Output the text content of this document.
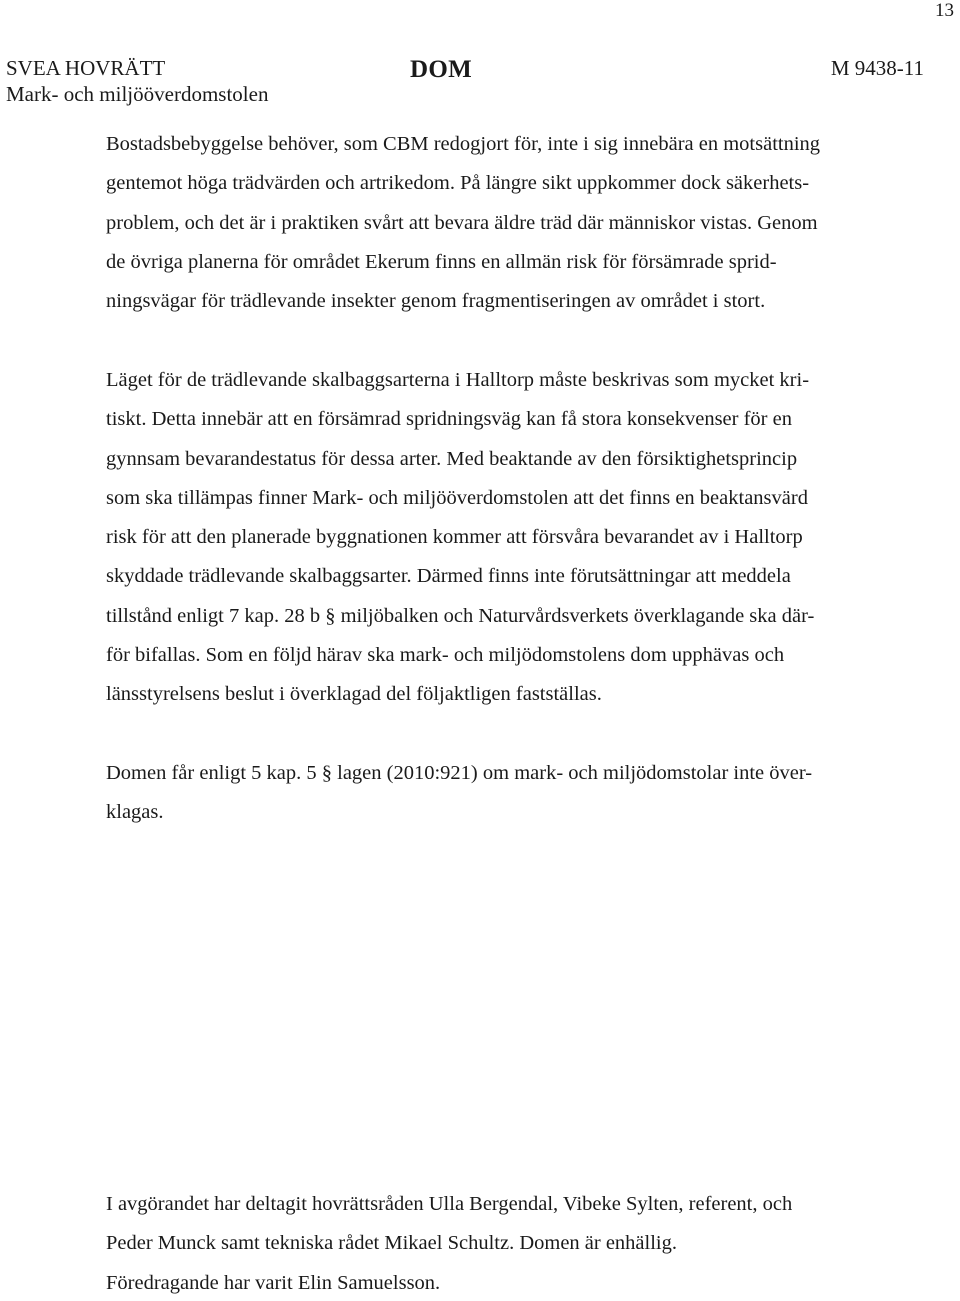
13
SVEA HOVRÄTT
Mark- och miljööverdomstolen
DOM	M 9438-11
Bostadsbebyggelse behöver, som CBM redogjort för, inte i sig innebära en motsättning
gentemot höga trädvärden och artrikedom. På längre sikt uppkommer dock säkerhets-
problem, och det är i praktiken svårt att bevara äldre träd där människor vistas. Genom
de övriga planerna för området Ekerum finns en allmän risk för försämrade sprid-
ningsvägar för trädlevande insekter genom fragmentiseringen av området i stort.
Läget för de trädlevande skalbaggsarterna i Halltorp måste beskrivas som mycket kri-
tiskt. Detta innebär att en försämrad spridningsväg kan få stora konsekvenser för en
gynnsam bevarandestatus för dessa arter. Med beaktande av den försiktighetsprincip
som ska tillämpas finner Mark- och miljööverdomstolen att det finns en beaktansvärd
risk för att den planerade byggnationen kommer att försvåra bevarandet av i Halltorp
skyddade trädlevande skalbaggsarter. Därmed finns inte förutsättningar att meddela
tillstånd enligt 7 kap. 28 b § miljöbalken och Naturvårdsverkets överklagande ska där-
för bifallas. Som en följd härav ska mark- och miljödomstolens dom upphävas och
länsstyrelsens beslut i överklagad del följaktligen fastställas.
Domen får enligt 5 kap. 5 § lagen (2010:921) om mark- och miljödomstolar inte över-
klagas.
I avgörandet har deltagit hovrättsråden Ulla Bergendal, Vibeke Sylten, referent, och
Peder Munck samt tekniska rådet Mikael Schultz. Domen är enhällig.
Föredragande har varit Elin Samuelsson.
